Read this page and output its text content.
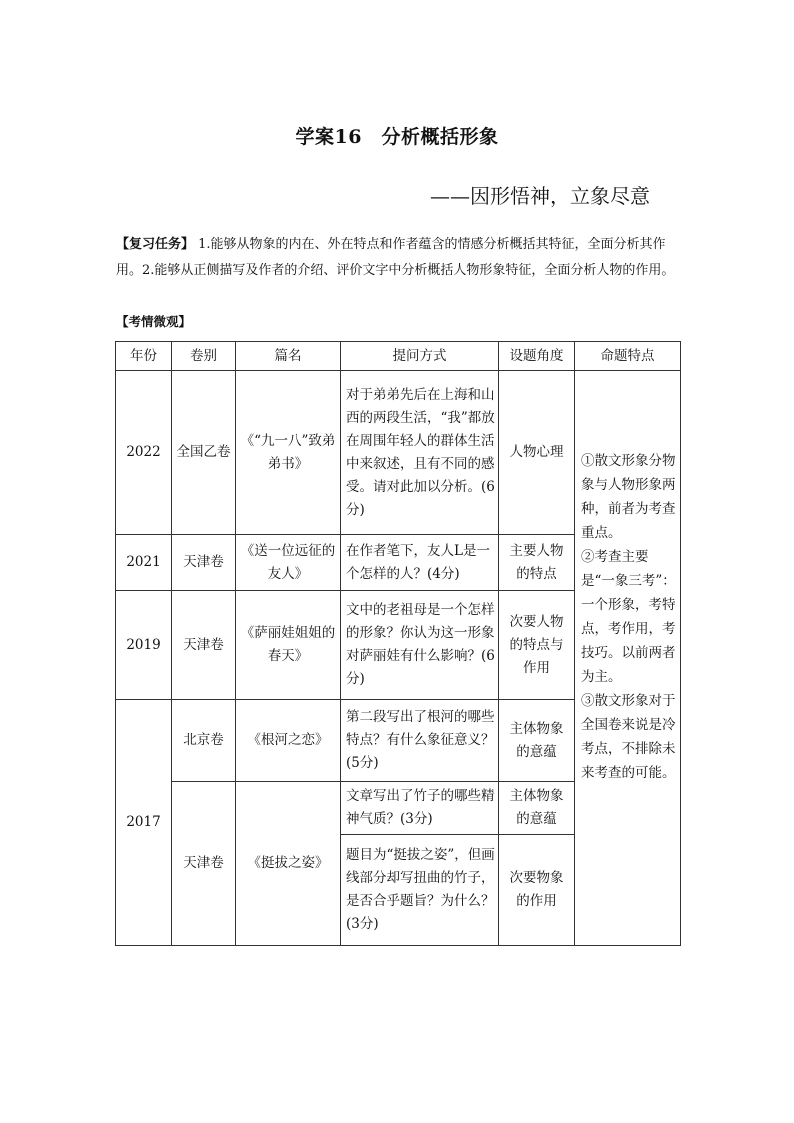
学案16　分析概括形象
——因形悟神，立象尽意
【复习任务】 1.能够从物象的内在、外在特点和作者蕴含的情感分析概括其特征，全面分析其作用。2.能够从正侧描写及作者的介绍、评价文字中分析概括人物形象特征，全面分析人物的作用。
【考情微观】
年份	卷别	篇名	提问方式	设题角度	命题特点
2022	全国乙卷	《“九一八”致弟弟书》	对于弟弟先后在上海和山西的两段生活，“我”都放在周围年轻人的群体生活中来叙述，且有不同的感受。请对此加以分析。(6分)	人物心理	①散文形象分物象与人物形象两种，前者为考查重点。
②考查主要是“一象三考”：一个形象，考特点，考作用，考技巧。以前两者为主。
③散文形象对于全国卷来说是冷考点，不排除未来考查的可能。

2021	天津卷	《送一位远征的友人》	在作者笔下，友人L是一个怎样的人？(4分)	主要人物的特点	
2019	天津卷	《萨丽娃姐姐的春天》	文中的老祖母是一个怎样的形象？你认为这一形象对萨丽娃有什么影响？(6分)	次要人物的特点与作用	
2017	北京卷	《根河之恋》	第二段写出了根河的哪些特点？有什么象征意义？(5分)	主体物象的意蕴	
	天津卷	《挺拔之姿》	文章写出了竹子的哪些精神气质？(3分)	主体物象的意蕴	
			题目为“挺拔之姿”，但画线部分却写扭曲的竹子，是否合乎题旨？为什么？(3分)	次要物象的作用	
